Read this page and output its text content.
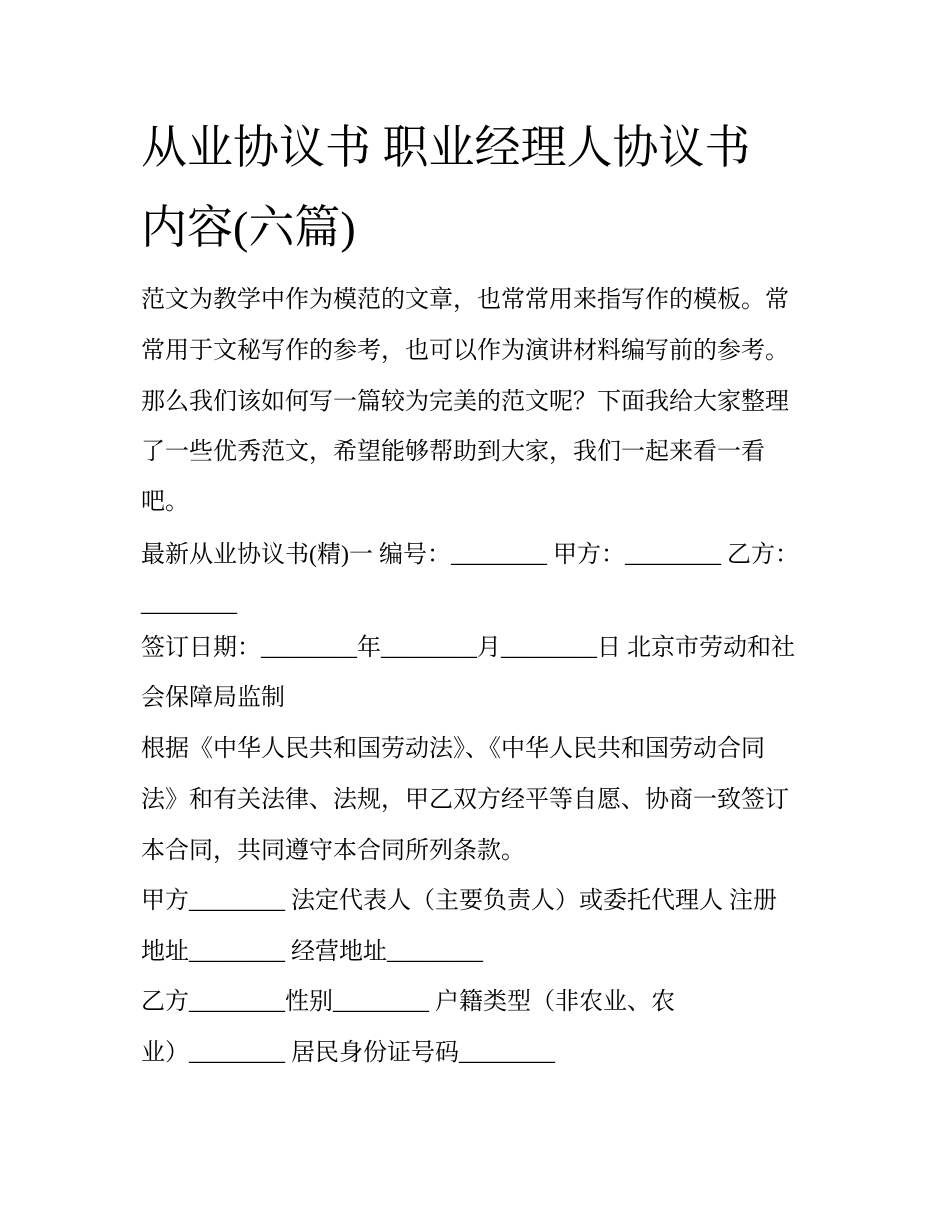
从业协议书 职业经理人协议书
内容(六篇)
范文为教学中作为模范的文章，也常常用来指写作的模板。常
常用于文秘写作的参考，也可以作为演讲材料编写前的参考。
那么我们该如何写一篇较为完美的范文呢？下面我给大家整理
了一些优秀范文，希望能够帮助到大家，我们一起来看一看
吧。
最新从业协议书(精)一 编号：________ 甲方：________ 乙方：
________
签订日期：________年________月________日 北京市劳动和社
会保障局监制
根据《中华人民共和国劳动法》、《中华人民共和国劳动合同
法》和有关法律、法规，甲乙双方经平等自愿、协商一致签订
本合同，共同遵守本合同所列条款。
甲方________ 法定代表人（主要负责人）或委托代理人 注册
地址________ 经营地址________
乙方________性别________ 户籍类型（非农业、农
业）________ 居民身份证号码________
